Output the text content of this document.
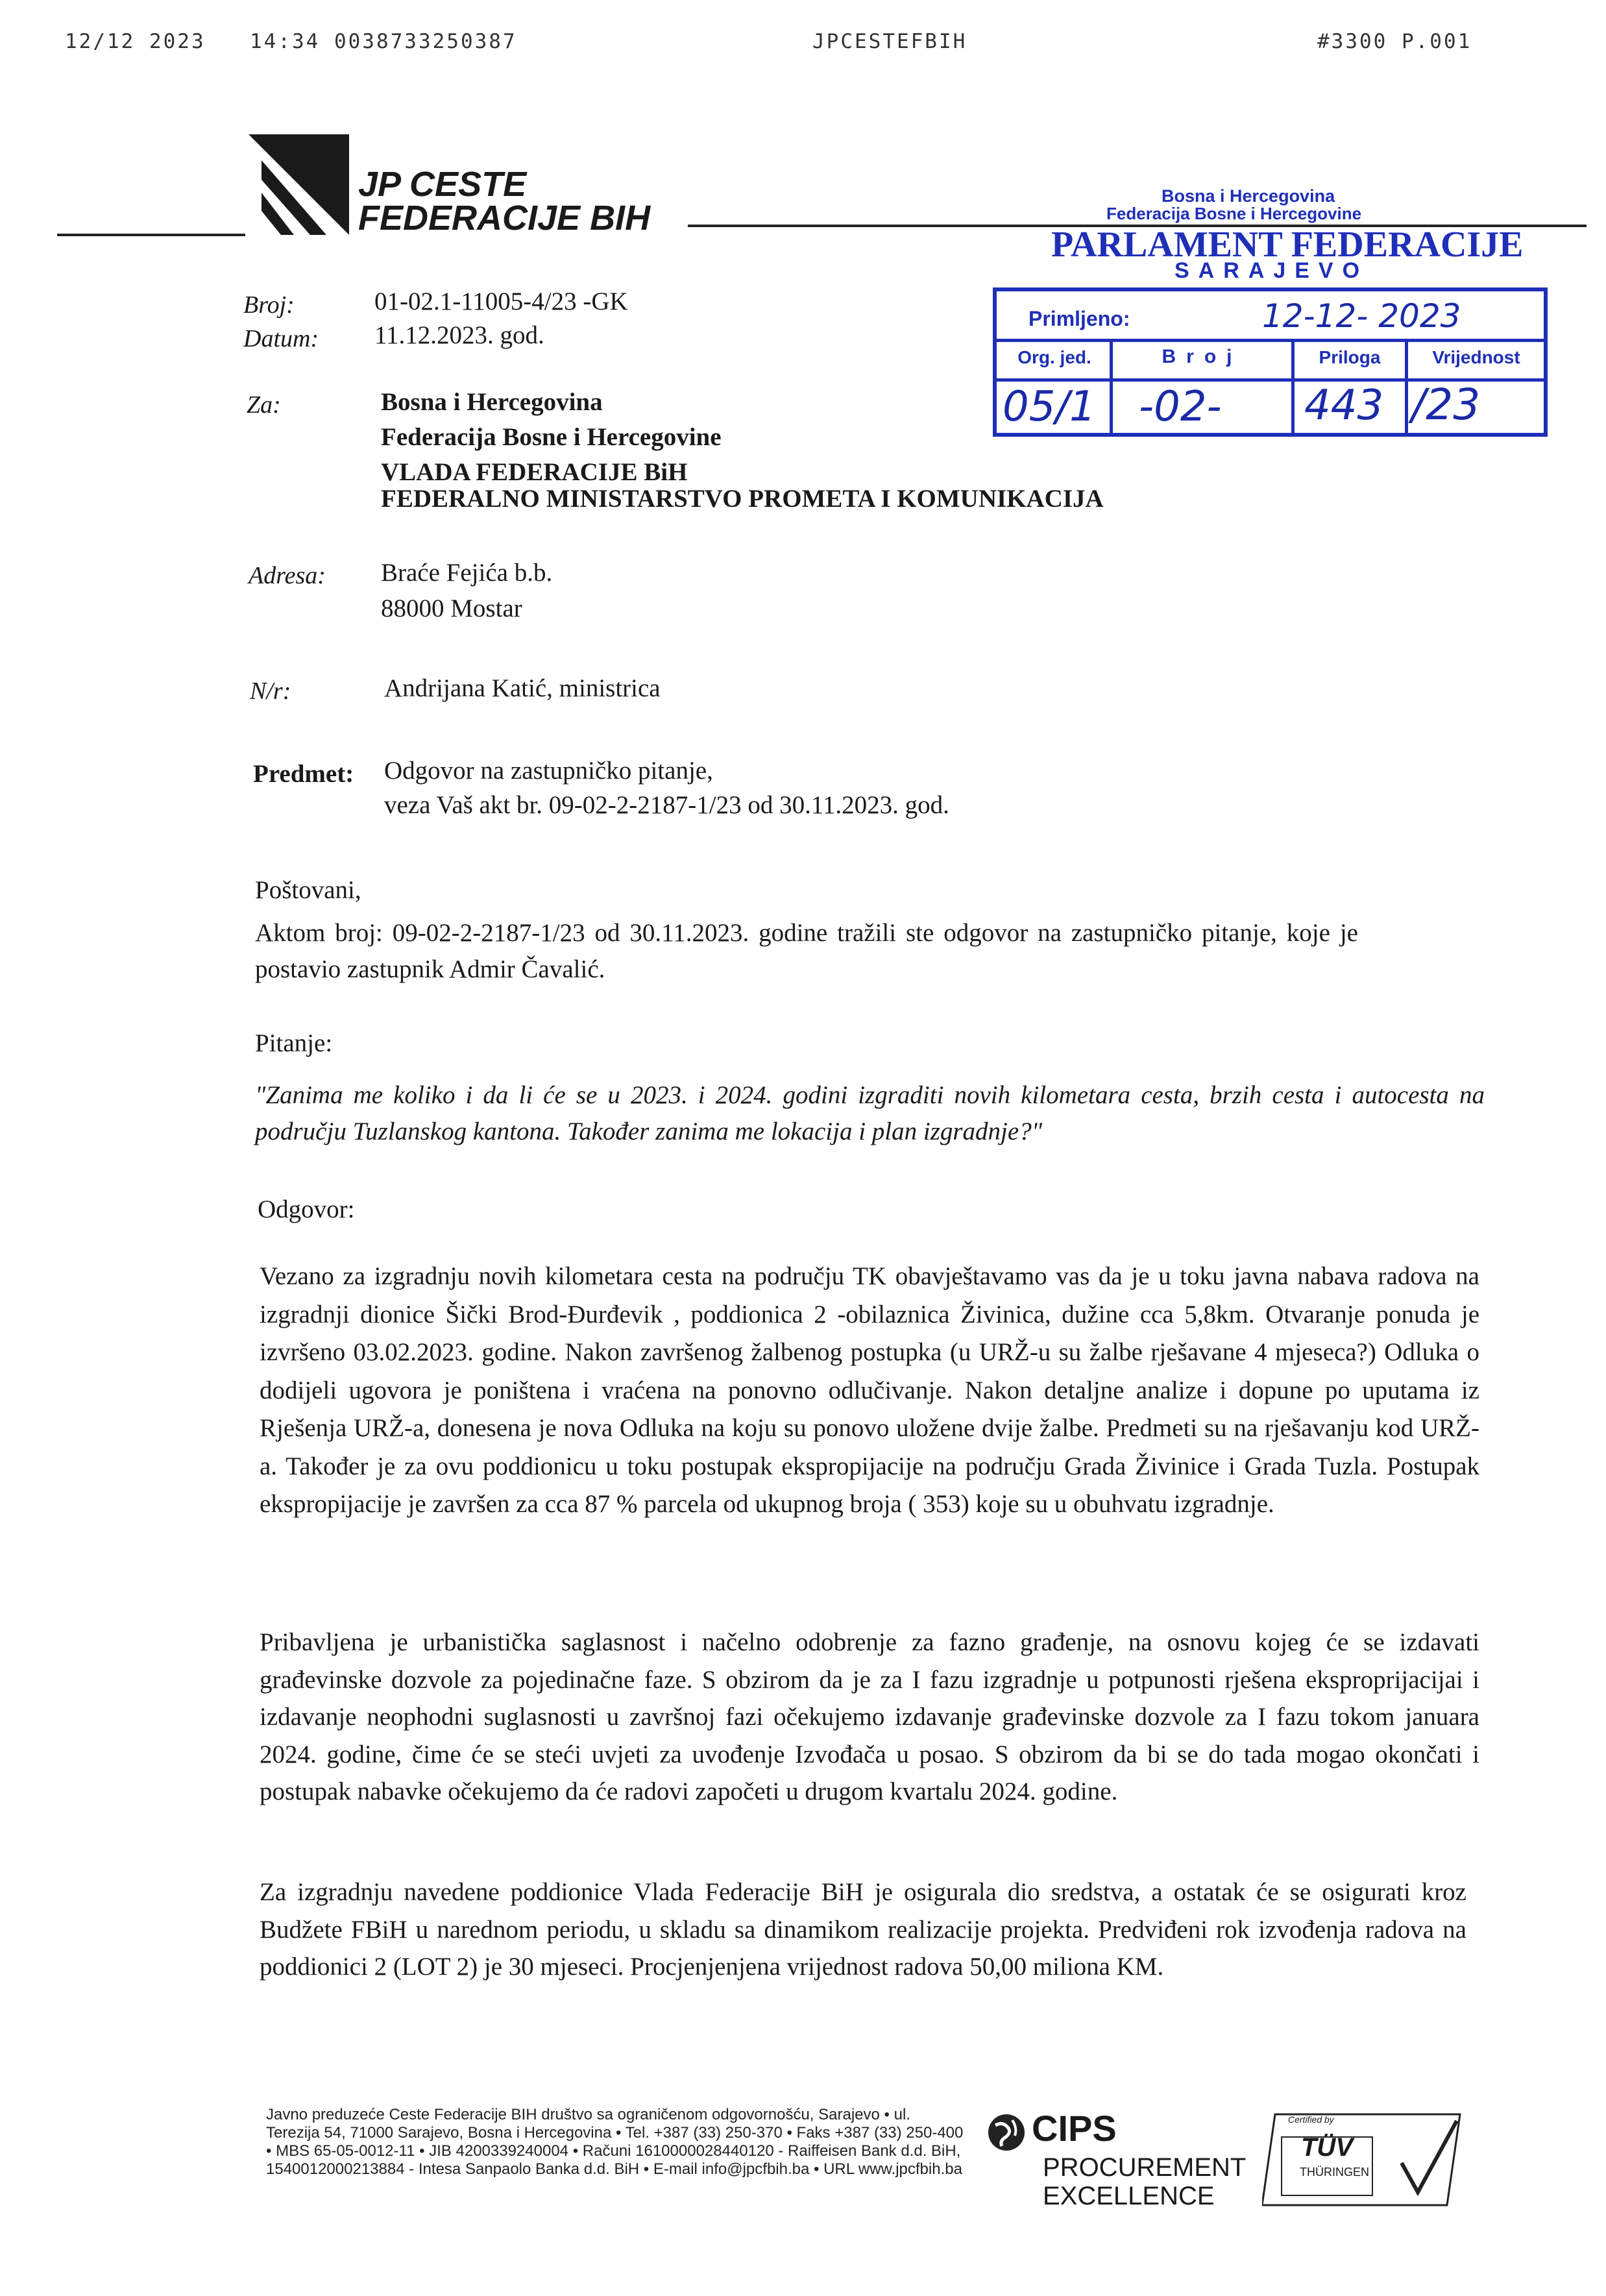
12/12 2023 14:34 0038733250387	JPCESTEFBIH	#3300 P.001
JP CESTE
FEDERACIJE BIH
Bosna i Hercegovina
Federacija Bosne i Hercegovine
PARLAMENT FEDERACIJE
SARAJEVO
Primljeno:	12-12- 2023
Org. jed.	Broj	Priloga	Vrijednost
05/1 -02- 443 /23
Broj:	01-02.1-11005-4/23 -GK
Datum: 11.12.2023. god.
Za:	Bosna i Hercegovina
Federacija Bosne i Hercegovine
VLADA FEDERACIJE BiH
FEDERALNO MINISTARSTVO PROMETA I KOMUNIKACIJA
Adresa: Braće Fejića b.b.
88000 Mostar
N/r:	Andrijana Katić, ministrica
Predmet: Odgovor na zastupničko pitanje,
veza Vaš akt br. 09-02-2-2187-1/23 od 30.11.2023. god.
Poštovani,
Aktom broj: 09-02-2-2187-1/23 od 30.11.2023. godine tražili ste odgovor na zastupničko pitanje, koje je postavio zastupnik Admir Čavalić.
Pitanje:
"Zanima me koliko i da li će se u 2023. i 2024. godini izgraditi novih kilometara cesta, brzih cesta i autocesta na području Tuzlanskog kantona. Također zanima me lokacija i plan izgradnje?"
Odgovor:
Vezano za izgradnju novih kilometara cesta na području TK obavještavamo vas da je u toku javna nabava radova na izgradnji dionice Šički Brod-Đurđevik , poddionica 2 -obilaznica Živinica, dužine cca 5,8km. Otvaranje ponuda je izvršeno 03.02.2023. godine. Nakon završenog žalbenog postupka (u URŽ-u su žalbe rješavane 4 mjeseca?) Odluka o dodijeli ugovora je poništena i vraćena na ponovno odlučivanje. Nakon detaljne analize i dopune po uputama iz Rješenja URŽ-a, donesena je nova Odluka na koju su ponovo uložene dvije žalbe. Predmeti su na rješavanju kod URŽ-a. Također je za ovu poddionicu u toku postupak ekspropijacije na području Grada Živinice i Grada Tuzla. Postupak ekspropijacije je završen za cca 87 % parcela od ukupnog broja ( 353) koje su u obuhvatu izgradnje.
Pribavljena je urbanistička saglasnost i načelno odobrenje za fazno građenje, na osnovu kojeg će se izdavati građevinske dozvole za pojedinačne faze. S obzirom da je za I fazu izgradnje u potpunosti rješena eksproprijacijai i izdavanje neophodni suglasnosti u završnoj fazi očekujemo izdavanje građevinske dozvole za I fazu tokom januara 2024. godine, čime će se steći uvjeti za uvođenje Izvođača u posao. S obzirom da bi se do tada mogao okončati i postupak nabavke očekujemo da će radovi započeti u drugom kvartalu 2024. godine.
Za izgradnju navedene poddionice Vlada Federacije BiH je osigurala dio sredstva, a ostatak će se osigurati kroz Budžete FBiH u narednom periodu, u skladu sa dinamikom realizacije projekta. Predviđeni rok izvođenja radova na poddionici 2 (LOT 2) je 30 mjeseci. Procjenjenjena vrijednost radova 50,00 miliona KM.
Javno preduzeće Ceste Federacije BIH društvo sa ograničenom odgovornošću, Sarajevo • ul. Terezija 54, 71000 Sarajevo, Bosna i Hercegovina • Tel. +387 (33) 250-370 • Faks +387 (33) 250-400 • MBS 65-05-0012-11 • JIB 4200339240004 • Računi 1610000028440120 - Raiffeisen Bank d.d. BiH, 1540012000213884 - Intesa Sanpaolo Banka d.d. BiH • E-mail info@jpcfbih.ba • URL www.jpcfbih.ba
CIPS
PROCUREMENT
EXCELLENCE
Certified by
TÜV
THÜRINGEN
